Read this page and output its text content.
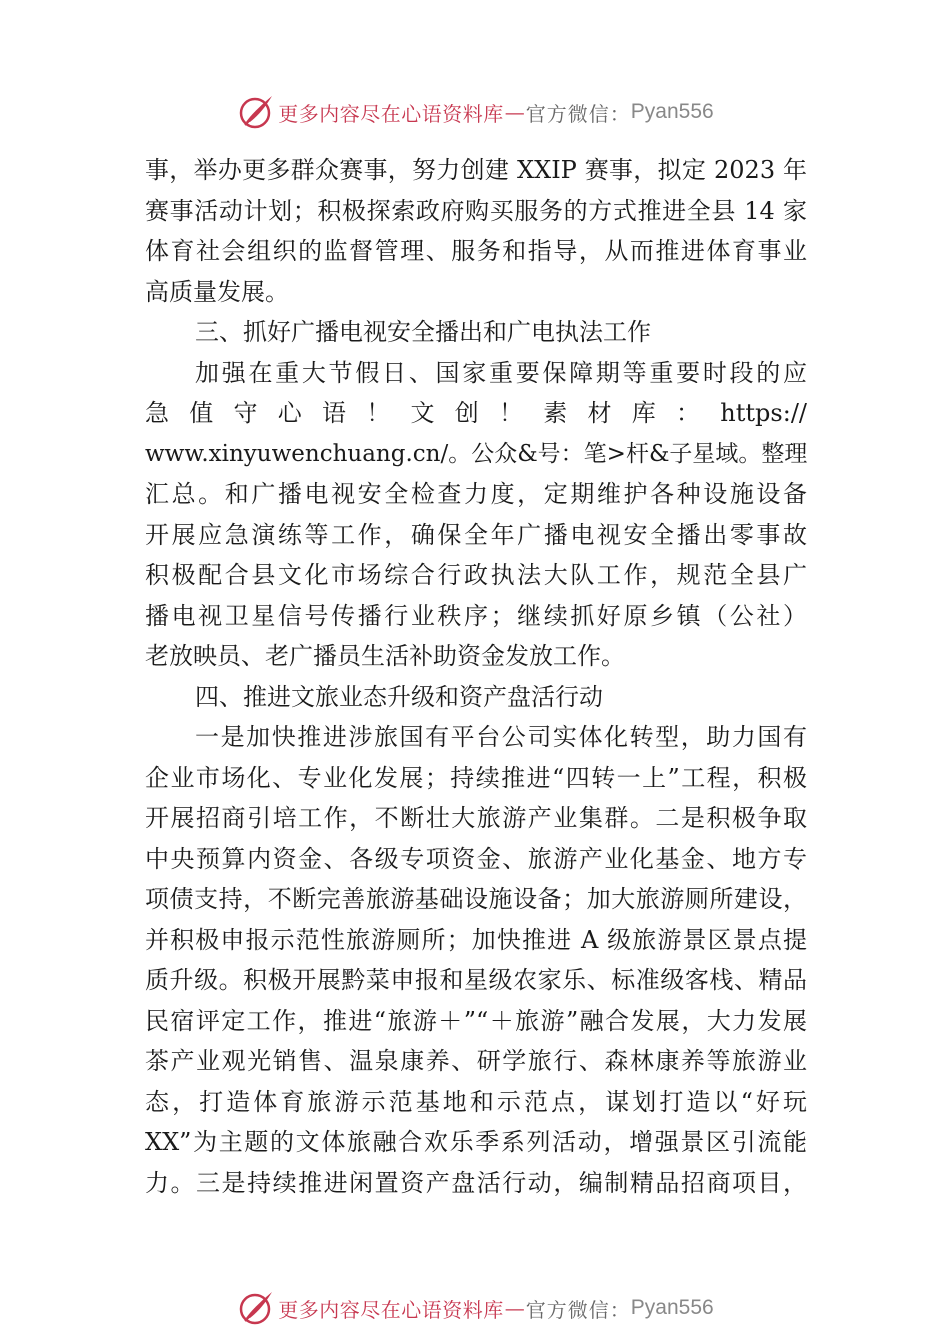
更多内容尽在心语资料库 — 官方微信： Pyan556
事，举办更多群众赛事，努力创建 XXIP 赛事，拟定 2023 年
赛事活动计划；积极探索政府购买服务的方式推进全县 14 家
体育社会组织的监督管理、服务和指导，从而推进体育事业
高质量发展。
三、抓好广播电视安全播出和广电执法工作
加强在重大节假日、国家重要保障期等重要时段的应
急值守心语！文创！素材库：https://
www.xinyuwenchuang.cn/。公众&号：笔>杆&子星域。整理
汇总。和广播电视安全检查力度，定期维护各种设施设备
开展应急演练等工作，确保全年广播电视安全播出零事故
积极配合县文化市场综合行政执法大队工作，规范全县广
播电视卫星信号传播行业秩序；继续抓好原乡镇（公社）
老放映员、老广播员生活补助资金发放工作。
四、推进文旅业态升级和资产盘活行动
一是加快推进涉旅国有平台公司实体化转型，助力国有
企业市场化、专业化发展；持续推进“四转一上”工程，积极
开展招商引培工作，不断壮大旅游产业集群。二是积极争取
中央预算内资金、各级专项资金、旅游产业化基金、地方专
项债支持，不断完善旅游基础设施设备；加大旅游厕所建设，
并积极申报示范性旅游厕所；加快推进 A 级旅游景区景点提
质升级。积极开展黔菜申报和星级农家乐、标准级客栈、精品
民宿评定工作，推进“旅游＋”“＋旅游”融合发展，大力发展
茶产业观光销售、温泉康养、研学旅行、森林康养等旅游业
态，打造体育旅游示范基地和示范点，谋划打造以“好玩
XX”为主题的文体旅融合欢乐季系列活动，增强景区引流能
力。三是持续推进闲置资产盘活行动，编制精品招商项目，
更多内容尽在心语资料库 — 官方微信： Pyan556
